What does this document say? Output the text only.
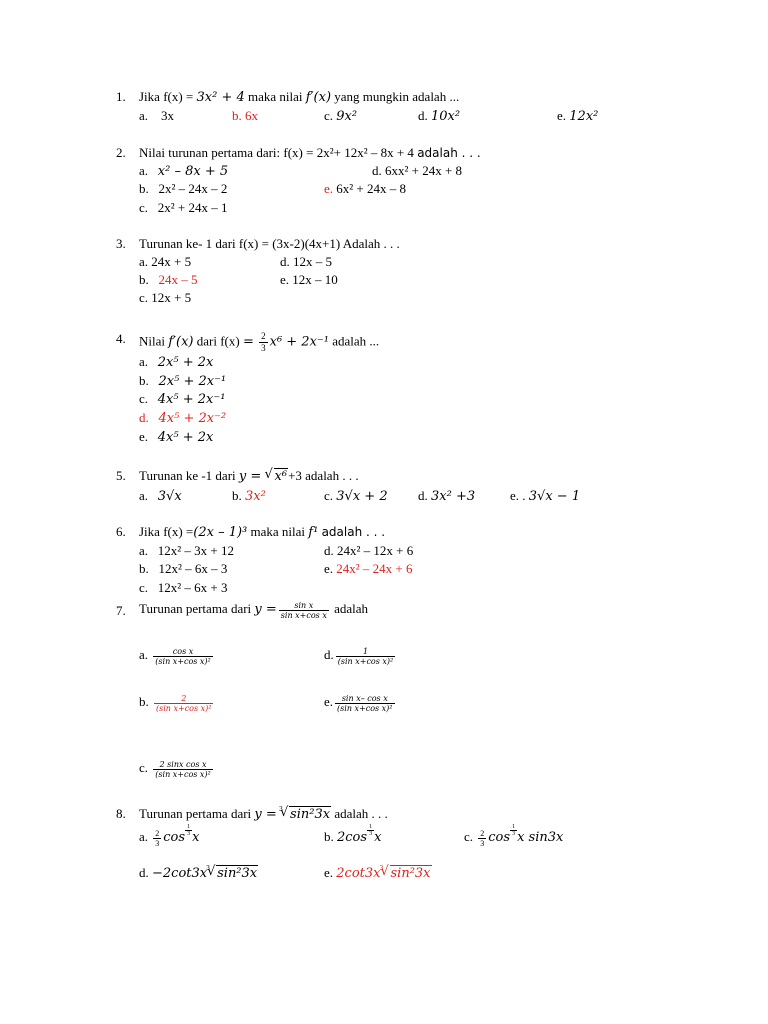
1. Jika f(x) = 3x² + 4 maka nilai f′(x) yang mungkin adalah ...
a. 3x	b. 6x	c. 9x²	d. 10x²	e. 12x²
2. Nilai turunan pertama dari: f(x) = 2x²+ 12x² – 8x + 4 adalah . . .
a. x² – 8x + 5
b. 2x² – 24x – 2
c. 2x² + 24x – 1
d. 6xx² + 24x + 8
e. 6x² + 24x – 8
3. Turunan ke- 1 dari f(x) = (3x-2)(4x+1) Adalah . . .
a. 24x + 5
b. 24x – 5
c. 12x + 5
d. 12x – 5
e. 12x – 10
4. Nilai f′(x) dari $f(x) = \frac{2}{3} x^6 + 2x^{-1}$ adalah ...
a. 2x⁵ + 2x
b. 2x⁵ + 2x⁻¹
c. 4x⁵ + 2x⁻¹
d. 4x⁵ + 2x⁻²
e. 4x⁵ + 2x
5. Turunan ke -1 dari y = √ x⁶+3 adalah . . .
a. 3√x	b. 3x²	c. 3√x + 2 d. 3x² +3	e. . 3√x − 1
6. Jika f(x) =(2x – 1)³ maka nilai f¹ adalah . . .
a. 12x² – 3x + 12
b. 12x² – 6x – 3
c. 12x² – 6x + 3
d. 24x² – 12x + 6
e. 24x² – 24x + 6
7. Turunan pertama dari $y = \frac{\text{sin x}}{\text{sin x+cos x}}$ adalah
a. $\frac{\text{cos x}}{\text{(sin x+cos x)²}}$
b. $\frac{2}{\text{(sin x+cos x)²}}$
c. $\frac{\text{2 sinx cos x}}{\text{(sin x+cos x)²}}$
d. $\frac{1}{\text{(sin x+cos x)²}}$
e. $\frac{\text{sin x– cos x}}{\text{(sin x+cos x)²}}$
8. Turunan pertama dari y = √ 3 sin²3x adalah . . .
a. $\frac{2}{3}$ $\cos \frac{1}{3}$ x	b. $2\cos \frac{1}{3}$ x	c. $\frac{2}{3}$ $\cos \frac{1}{3}$ x sin3x
d. −2cot3x √ 3 sin²3x	e. 2cot3x √ 3 sin²3x
